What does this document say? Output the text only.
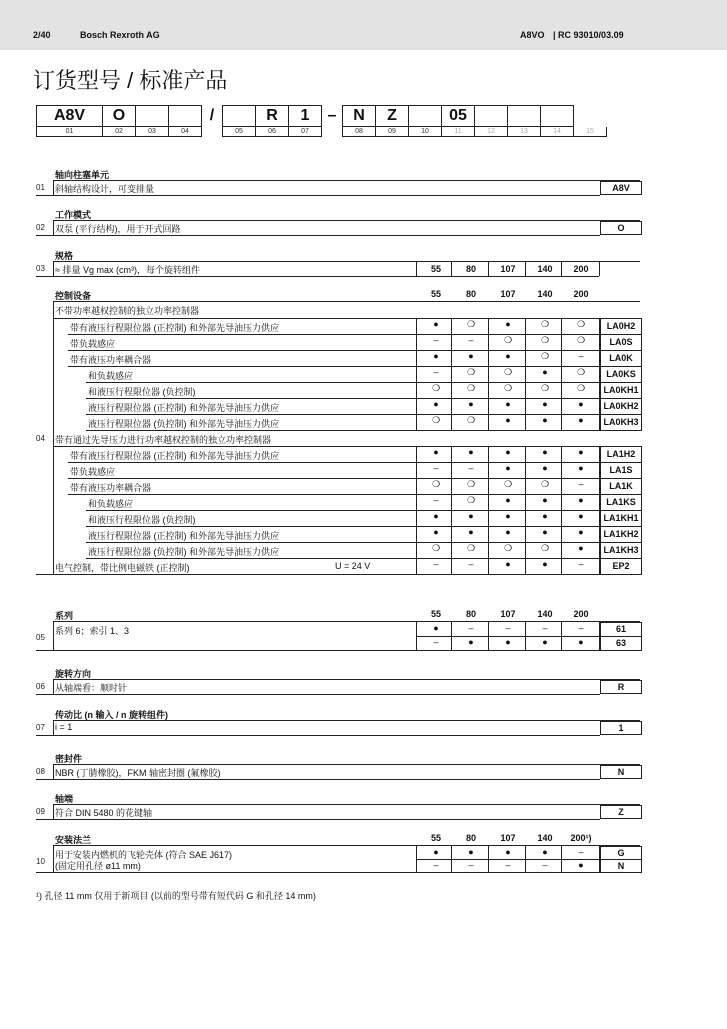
2/40	Bosch Rexroth AG	A8VO | RC 93010/03.09
订货型号 / 标准产品
A8V	O			/		R	1	–	N	Z		05			
01	02	03	04		05	06	07		08	09	10	11	12	13	14	15
轴向柱塞单元
01 斜轴结构设计，可变排量	A8V
工作模式
02 双泵 (平行结构)，用于开式回路	O
规格
03 ≈ 排量 Vg max (cm³)，每个旋转组件	55	80	107	140	200
控制设备	55	80	107	140	200
不带功率越权控制的独立功率控制器
带有液压行程限位器 (正控制) 和外部先导油压力供应	●	❍	●	❍	❍	LA0H2
带负载感应	–	–	❍	❍	❍	LA0S
带有液压功率耦合器	●	●	●	❍	–	LA0K
和负载感应	–	❍	❍	●	❍	LA0KS
和液压行程限位器 (负控制)	❍	❍	❍	❍	❍	LA0KH1
液压行程限位器 (正控制) 和外部先导油压力供应	●	●	●	●	●	LA0KH2
液压行程限位器 (负控制) 和外部先导油压力供应	❍	❍	●	●	●	LA0KH3
带有通过先导压力进行功率越权控制的独立功率控制器
带有液压行程限位器 (正控制) 和外部先导油压力供应	●	●	●	●	●	LA1H2
带负载感应	–	–	●	●	●	LA1S
带有液压功率耦合器	❍	❍	❍	❍	–	LA1K
和负载感应	–	❍	●	●	●	LA1KS
和液压行程限位器 (负控制)	●	●	●	●	●	LA1KH1
液压行程限位器 (正控制) 和外部先导油压力供应	●	●	●	●	●	LA1KH2
液压行程限位器 (负控制) 和外部先导油压力供应	❍	❍	❍	❍	●	LA1KH3
电气控制，带比例电磁铁 (正控制)	U = 24 V	–	–	●	●	–	EP2
04
系列	55	80	107	140	200
系列 6；索引 1、3	●	–	–	–	–	61
–	●	●	●	●	63
05
旋转方向
06 从轴端看：顺时针	R
传动比 (n 输入 / n 旋转组件)
07 i = 1	1
密封件
08 NBR (丁腈橡胶)，FKM 轴密封圈 (氟橡胶)	N
轴端
09 符合 DIN 5480 的花键轴	Z
安装法兰	55	80	107	140	200¹)
用于安装内燃机的飞轮壳体 (符合 SAE J617)
(固定用孔径 ø11 mm)
●	●	●	●	–	G
–	–	–	–	●	N
10
¹) 孔径 11 mm 仅用于新项目 (以前的型号带有短代码 G 和孔径 14 mm)
